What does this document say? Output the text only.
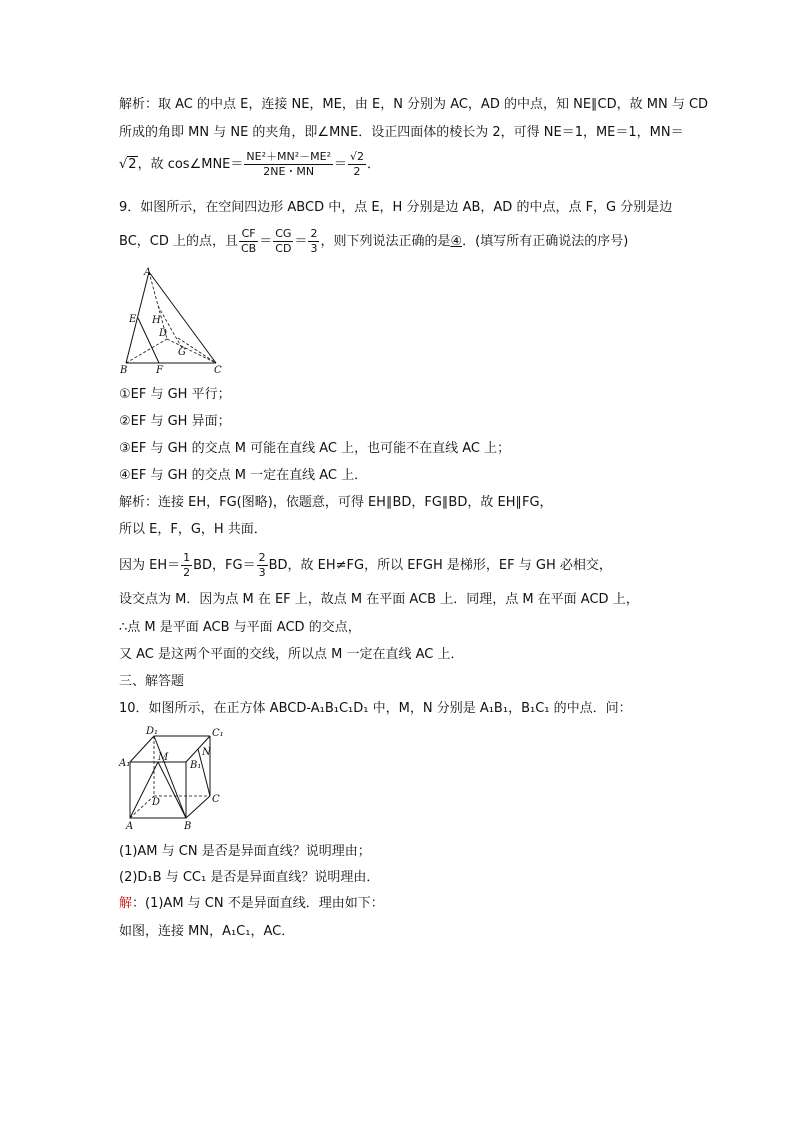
解析：取 AC 的中点 E，连接 NE，ME，由 E，N 分别为 AC，AD 的中点，知 NE∥CD，故 MN 与 CD
所成的角即 MN 与 NE 的夹角，即∠MNE．设正四面体的棱长为 2，可得 NE＝1，ME＝1，MN＝
√2，故 cos∠MNE＝ $\frac{\text{NE²＋MN²－ME²}}{2NE・MN} = \frac{√2}{2}$ ．
9．如图所示，在空间四边形 ABCD 中，点 E，H 分别是边 AB，AD 的中点，点 F，G 分别是边
BC，CD 上的点，且 $\frac{CF}{CB} = \frac{CG}{CD} = \frac{2}{3}$ ，则下列说法正确的是④．(填写所有正确说法的序号)
A
E H
D
G
B	F	C
①EF 与 GH 平行；
②EF 与 GH 异面；
③EF 与 GH 的交点 M 可能在直线 AC 上，也可能不在直线 AC 上；
④EF 与 GH 的交点 M 一定在直线 AC 上．
解析：连接 EH，FG(图略)，依题意，可得 EH∥BD，FG∥BD，故 EH∥FG，
所以 E，F，G，H 共面．
因为 $EH= \frac{1}{2}$ BD，$FG= \frac{2}{3}$ BD，故 EH≠FG，所以 EFGH 是梯形，EF 与 GH 必相交，
设交点为 M．因为点 M 在 EF 上，故点 M 在平面 ACB 上．同理，点 M 在平面 ACD 上，
∴点 M 是平面 ACB 与平面 ACD 的交点，
又 AC 是这两个平面的交线，所以点 M 一定在直线 AC 上．
三、解答题
10．如图所示，在正方体 ABCD-A₁B₁C₁D₁ 中，M，N 分别是 A₁B₁，B₁C₁ 的中点．问：
D₁	C₁
M	N
A₁	B₁
D	C
A	B
(1)AM 与 CN 是否是异面直线？说明理由；
(2)D₁B 与 CC₁ 是否是异面直线？说明理由．
解：(1)AM 与 CN 不是异面直线．理由如下：
如图，连接 MN，A₁C₁，AC．
